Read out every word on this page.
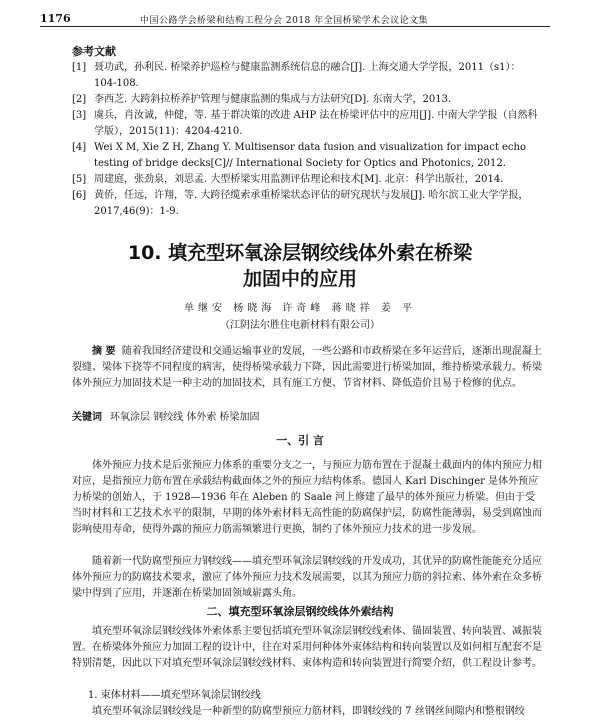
1176	中国公路学会桥梁和结构工程分会 2018 年全国桥梁学术会议论文集
参考文献
[1] 聂功武，孙利民. 桥梁养护巡检与健康监测系统信息的融合[J]. 上海交通大学学报，2011（s1）：104-108.
[2] 李西芝. 大跨斜拉桥养护管理与健康监测的集成与方法研究[D]. 东南大学，2013.
[3] 虞兵，肖汝诚，仲健，等. 基于群决策的改进 AHP 法在桥梁评估中的应用[J]. 中南大学学报（自然科学版），2015(11)：4204-4210.
[4] Wei X M, Xie Z H, Zhang Y. Multisensor data fusion and visualization for impact echo testing of bridge decks[C]// International Society for Optics and Photonics, 2012.
[5] 周建庭，张劲泉，刘思孟. 大型桥梁实用监测评估理论和技术[M]. 北京：科学出版社，2014.
[6] 黄侨，任远，许翔，等. 大跨径缆索承重桥梁状态评估的研究现状与发展[J]. 哈尔滨工业大学学报，2017,46(9)：1-9.
10. 填充型环氧涂层钢绞线体外索在桥梁
加固中的应用
单继安 杨晓海 许奇峰 蒋晓祥 姜 平
（江阴法尔胜住电新材料有限公司）
摘 要 随着我国经济建设和交通运输事业的发展，一些公路和市政桥梁在多年运营后，逐渐出现混凝土裂缝、梁体下挠等不同程度的病害，使得桥梁承载力下降，因此需要进行桥梁加固，维持桥梁承载力。桥梁体外预应力加固技术是一种主动的加固技术，具有施工方便、节省材料、降低造价且易于检修的优点。
关键词 环氧涂层 钢绞线 体外索 桥梁加固
一、引 言

体外预应力技术是后张预应力体系的重要分支之一，与预应力筋布置在于混凝土截面内的体内预应力相对应，是指预应力筋布置在承载结构截面体之外的预应力结构体系。德国人 Karl Dischinger 是体外预应力桥梁的创始人，于 1928—1936 年在 Aleben 的 Saale 河上修建了最早的体外预应力桥梁。但由于受当时材料和工艺技术水平的限制，早期的体外索材料无高性能的防腐保护层，防腐性能薄弱，易受到腐蚀而影响使用寿命，使得外露的预应力筋需频繁进行更换，制约了体外预应力技术的进一步发展。

随着新一代防腐型预应力钢绞线——填充型环氧涂层钢绞线的开发成功，其优异的防腐性能能充分适应体外预应力的防腐技术要求，激应了体外预应力技术发展需要，以其为预应力筋的斜拉索、体外索在众多桥梁中得到了应用，并逐渐在桥梁加固领域崭露头角。

二、填充型环氧涂层钢绞线体外索结构

填充型环氧涂层钢绞线体外索体系主要包括填充型环氧涂层钢绞线索体、锚固装置、转向装置、减振装置。在桥梁体外预应力加固工程的设计中，往在对采用何种体外束体结构和转向装置以及如何相互配套不是特别清楚，因此以下对填充型环氧涂层钢绞线材料、束体构造和转向装置进行简要介绍，供工程设计参考。

1. 束体材料——填充型环氧涂层钢绞线

填充型环氧涂层钢绞线是一种新型的防腐型预应力筋材料，即钢绞线的 7 丝钢丝间隙内和整根钢绞
